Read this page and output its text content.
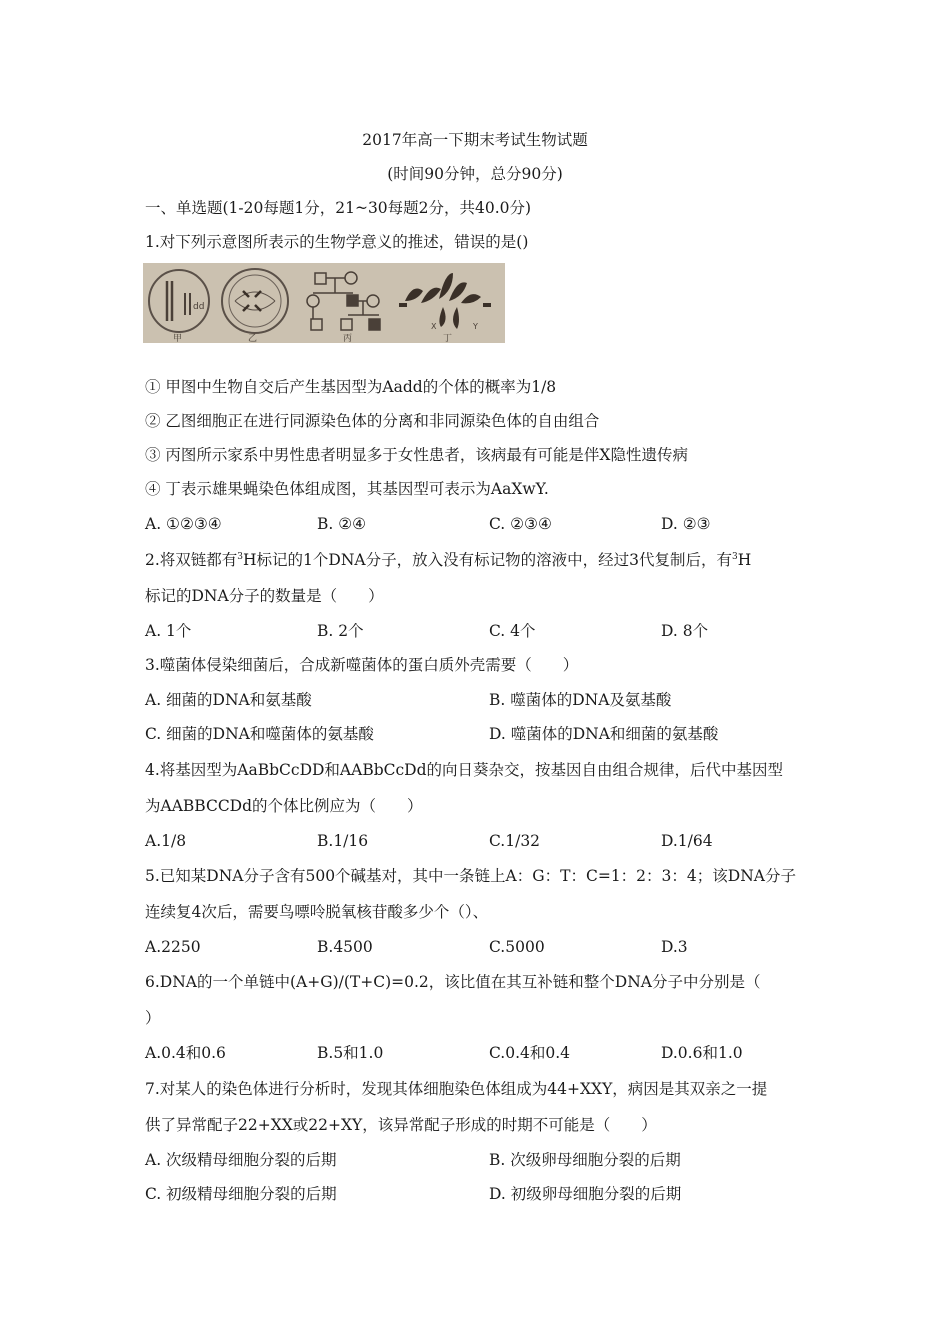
2017年高一下期末考试生物试题
(时间90分钟，总分90分)
一、单选题(1-20每题1分，21~30每题2分，共40.0分)
1.对下列示意图所表示的生物学意义的推述，错误的是()
dd
甲	乙	丙
X	Y
丁
① 甲图中生物自交后产生基因型为Aadd的个体的概率为1/8
② 乙图细胞正在进行同源染色体的分离和非同源染色体的自由组合
③ 丙图所示家系中男性患者明显多于女性患者，该病最有可能是伴X隐性遗传病
④ 丁表示雄果蝇染色体组成图，其基因型可表示为AaXwY.
A. ①②③④	B. ②④	C. ②③④	D. ②③
2.将双链都有$^3$H标记的1个DNA分子，放入没有标记物的溶液中，经过3代复制后，有$^3$H
标记的DNA分子的数量是（　　）
A. 1个	B. 2个	C. 4个	D. 8个
3.噬菌体侵染细菌后，合成新噬菌体的蛋白质外壳需要（　　）
A. 细菌的DNA和氨基酸	B. 噬菌体的DNA及氨基酸
C. 细菌的DNA和噬菌体的氨基酸	D. 噬菌体的DNA和细菌的氨基酸
4.将基因型为AaBbCcDD和AABbCcDd的向日葵杂交，按基因自由组合规律，后代中基因型
为AABBCCDd的个体比例应为（　　）
A.1/8	B.1/16	C.1/32	D.1/64
5.已知某DNA分子含有500个碱基对，其中一条链上A：G：T：C=1：2：3：4；该DNA分子
连续复4次后，需要鸟嘌呤脱氧核苷酸多少个（）、
A.2250	B.4500	C.5000	D.3
6.DNA的一个单链中(A+G)/(T+C)=0.2，该比值在其互补链和整个DNA分子中分别是（
）
A.0.4和0.6	B.5和1.0	C.0.4和0.4	D.0.6和1.0
7.对某人的染色体进行分析时，发现其体细胞染色体组成为44+XXY，病因是其双亲之一提
供了异常配子22+XX或22+XY，该异常配子形成的时期不可能是（　　）
A. 次级精母细胞分裂的后期	B. 次级卵母细胞分裂的后期
C. 初级精母细胞分裂的后期	D. 初级卵母细胞分裂的后期
